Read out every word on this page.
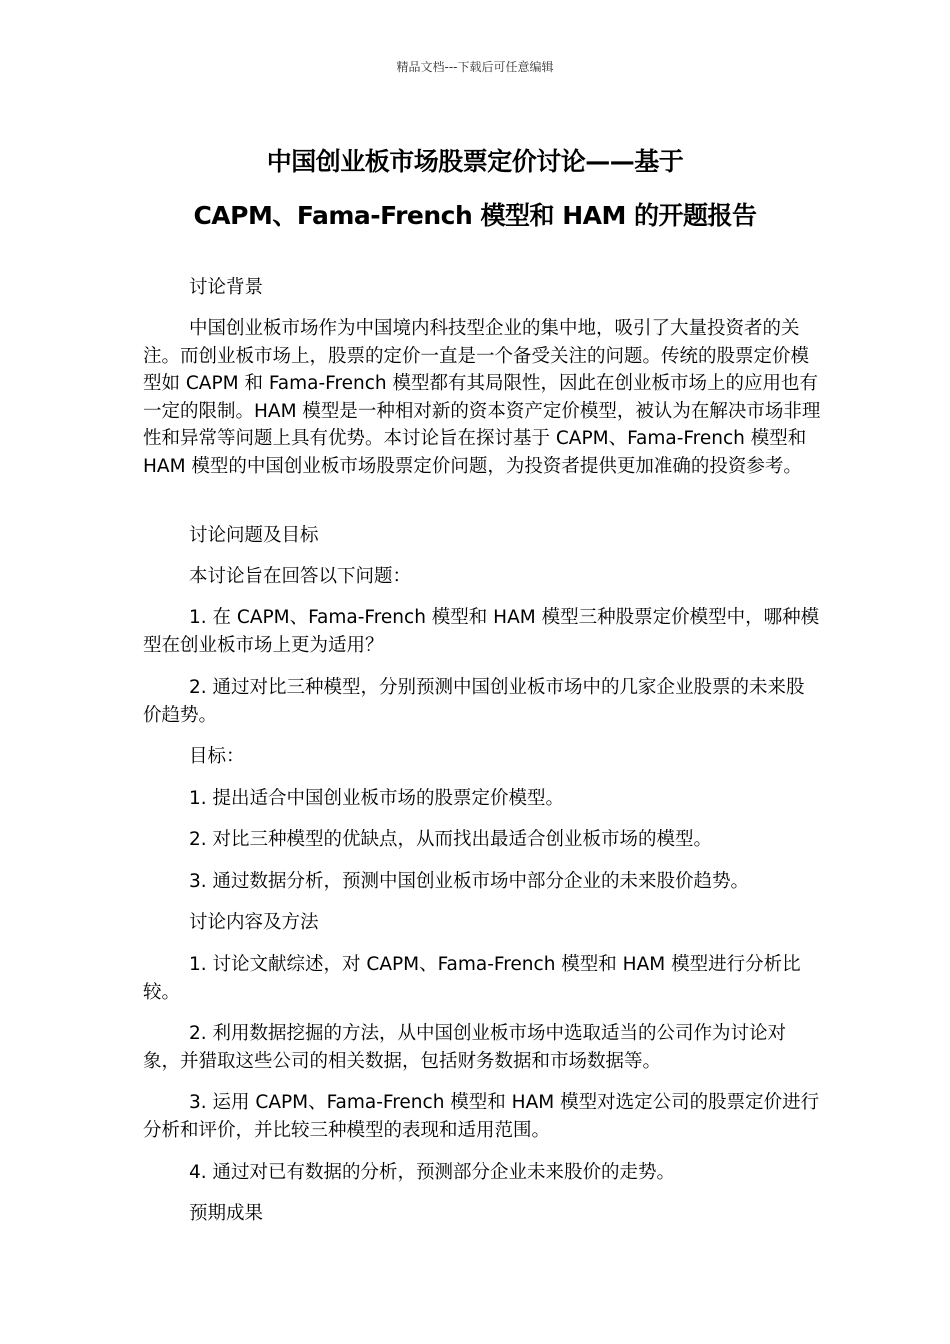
精品文档---下载后可任意编辑
中国创业板市场股票定价讨论——基于
CAPM、Fama-French 模型和 HAM 的开题报告

讨论背景

中国创业板市场作为中国境内科技型企业的集中地，吸引了大量投资者的关注。而创业板市场上，股票的定价一直是一个备受关注的问题。传统的股票定价模型如 CAPM 和 Fama-French 模型都有其局限性，因此在创业板市场上的应用也有一定的限制。HAM 模型是一种相对新的资本资产定价模型，被认为在解决市场非理性和异常等问题上具有优势。本讨论旨在探讨基于 CAPM、Fama-French 模型和 HAM 模型的中国创业板市场股票定价问题，为投资者提供更加准确的投资参考。

讨论问题及目标

本讨论旨在回答以下问题：

1. 在 CAPM、Fama-French 模型和 HAM 模型三种股票定价模型中，哪种模型在创业板市场上更为适用？

2. 通过对比三种模型，分别预测中国创业板市场中的几家企业股票的未来股价趋势。

目标：

1. 提出适合中国创业板市场的股票定价模型。

2. 对比三种模型的优缺点，从而找出最适合创业板市场的模型。

3. 通过数据分析，预测中国创业板市场中部分企业的未来股价趋势。

讨论内容及方法

1. 讨论文献综述，对 CAPM、Fama-French 模型和 HAM 模型进行分析比较。

2. 利用数据挖掘的方法，从中国创业板市场中选取适当的公司作为讨论对象，并猎取这些公司的相关数据，包括财务数据和市场数据等。

3. 运用 CAPM、Fama-French 模型和 HAM 模型对选定公司的股票定价进行分析和评价，并比较三种模型的表现和适用范围。

4. 通过对已有数据的分析，预测部分企业未来股价的走势。

预期成果
